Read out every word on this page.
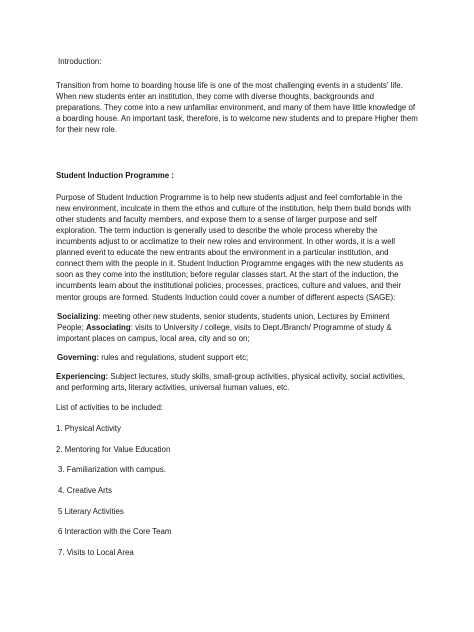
Introduction:

Transition from home to boarding house life is one of the most challenging events in a students' life. When new students enter an institution, they come with diverse thoughts, backgrounds and preparations. They come into a new unfamiliar environment, and many of them have little knowledge of a boarding house. An important task, therefore, is to welcome new students and to prepare Higher them for their new role.

Student Induction Programme :

Purpose of Student Induction Programme is to help new students adjust and feel comfortable in the new environment, inculcate in them the ethos and culture of the institution, help them build bonds with other students and faculty members, and expose them to a sense of larger purpose and self exploration. The term induction is generally used to describe the whole process whereby the incumbents adjust to or acclimatize to their new roles and environment. In other words, it is a well planned event to educate the new entrants about the environment in a particular institution, and connect them with the people in it. Student Induction Programme engages with the new students as soon as they come into the institution; before regular classes start. At the start of the induction, the incumbents learn about the institutional policies, processes, practices, culture and values, and their mentor groups are formed. Students Induction could cover a number of different aspects (SAGE):

Socializing: meeting other new students, senior students, students union, Lectures by Eminent People; Associating: visits to University / college, visits to Dept./Branch/ Programme of study & important places on campus, local area, city and so on;

Governing: rules and regulations, student support etc;

Experiencing: Subject lectures, study skills, small-group activities, physical activity, social activities, and performing arts, literary activities, universal human values, etc.

List of activities to be included:

1. Physical Activity
2. Mentoring for Value Education
3. Familiarization with campus.
4. Creative Arts
5 Literary Activities
6 Interaction with the Core Team
7. Visits to Local Area
